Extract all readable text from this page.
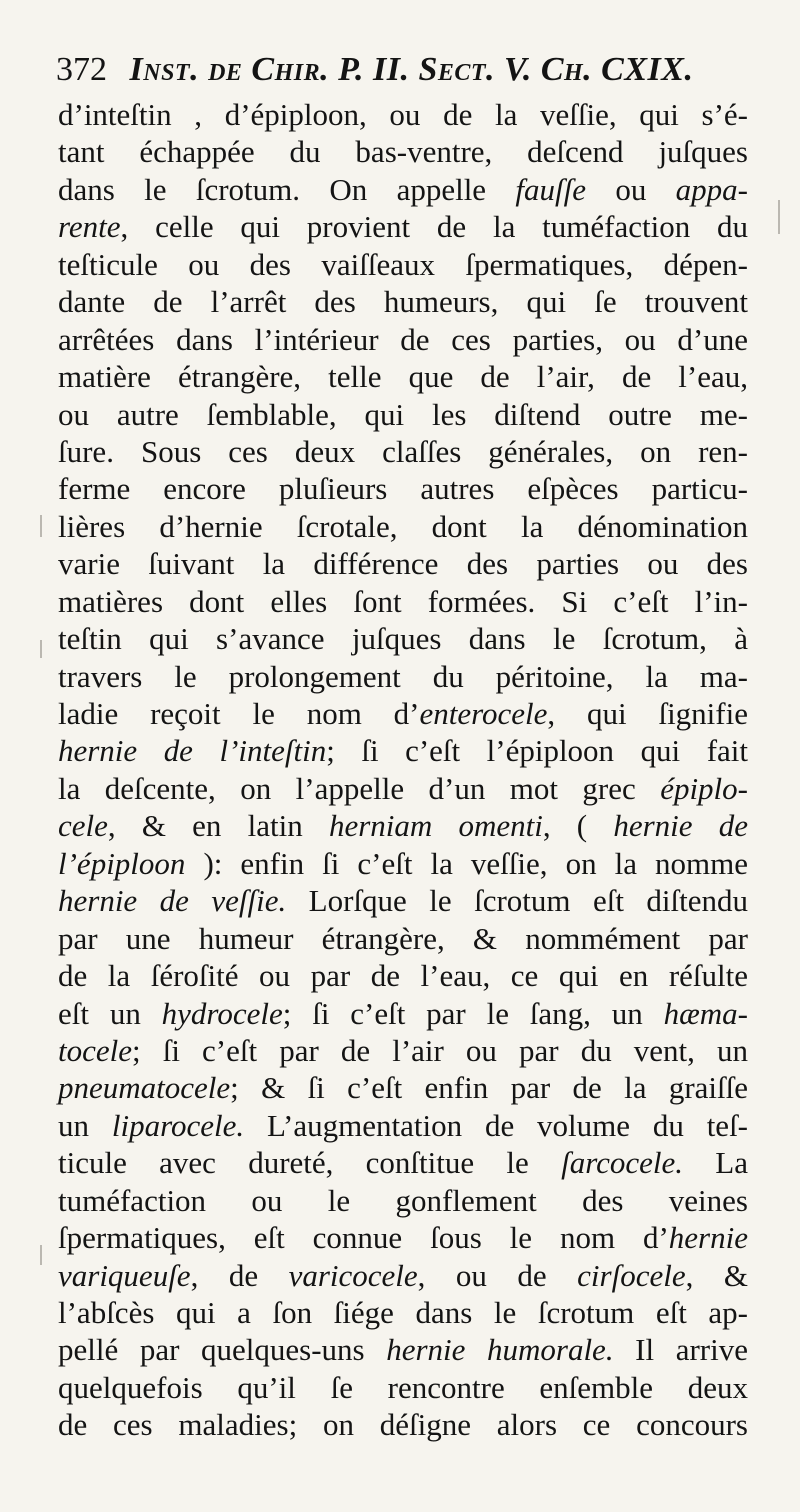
372 Inst. de Chir. P. II. Sect. V. Ch. CXIX.
d’inteſtin , d’épiploon, ou de la veſſie, qui s’é-
tant échappée du bas-ventre, deſcend juſques
dans le ſcrotum. On appelle fauſſe ou appa-
rente, celle qui provient de la tuméfaction du
teſticule ou des vaiſſeaux ſpermatiques, dépen-
dante de l’arrêt des humeurs, qui ſe trouvent
arrêtées dans l’intérieur de ces parties, ou d’une
matière étrangère, telle que de l’air, de l’eau,
ou autre ſemblable, qui les diſtend outre me-
ſure. Sous ces deux claſſes générales, on ren-
ferme encore pluſieurs autres eſpèces particu-
lières d’hernie ſcrotale, dont la dénomination
varie ſuivant la différence des parties ou des
matières dont elles ſont formées. Si c’eſt l’in-
teſtin qui s’avance juſques dans le ſcrotum, à
travers le prolongement du péritoine, la ma-
ladie reçoit le nom d’enterocele, qui ſignifie
hernie de l’inteſtin; ſi c’eſt l’épiploon qui fait
la deſcente, on l’appelle d’un mot grec épiplo-
cele, & en latin herniam omenti, ( hernie de
l’épiploon ): enfin ſi c’eſt la veſſie, on la nomme
hernie de veſſie. Lorſque le ſcrotum eſt diſtendu
par une humeur étrangère, & nommément par
de la ſéroſité ou par de l’eau, ce qui en réſulte
eſt un hydrocele; ſi c’eſt par le ſang, un hæma-
tocele; ſi c’eſt par de l’air ou par du vent, un
pneumatocele; & ſi c’eſt enfin par de la graiſſe
un liparocele. L’augmentation de volume du teſ-
ticule avec dureté, conſtitue le ſarcocele. La
tuméfaction ou le gonflement des veines
ſpermatiques, eſt connue ſous le nom d’hernie
variqueuſe, de varicocele, ou de cirſocele, &
l’abſcès qui a ſon ſiége dans le ſcrotum eſt ap-
pellé par quelques-uns hernie humorale. Il arrive
quelquefois qu’il ſe rencontre enſemble deux
de ces maladies; on déſigne alors ce concours
